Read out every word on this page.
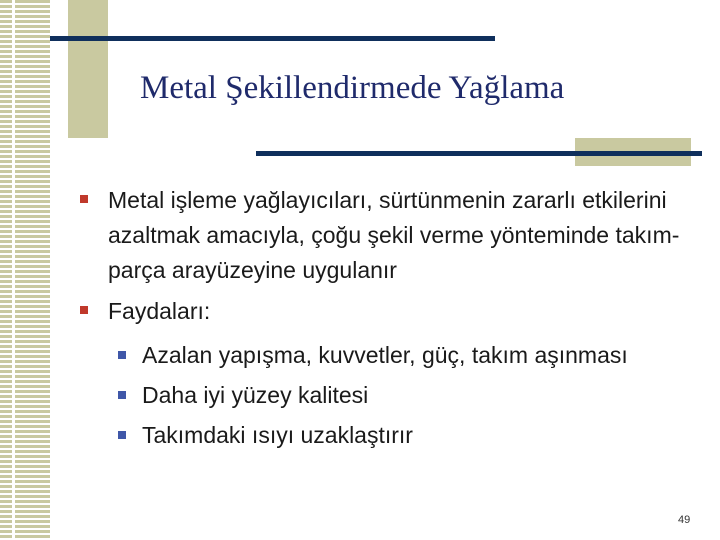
Metal Şekillendirmede Yağlama
Metal işleme yağlayıcıları, sürtünmenin zararlı etkilerini azaltmak amacıyla, çoğu şekil verme yönteminde takım-parça arayüzeyine uygulanır
Faydaları:
Azalan yapışma, kuvvetler, güç, takım aşınması
Daha iyi yüzey kalitesi
Takımdaki ısıyı uzaklaştırır
49
